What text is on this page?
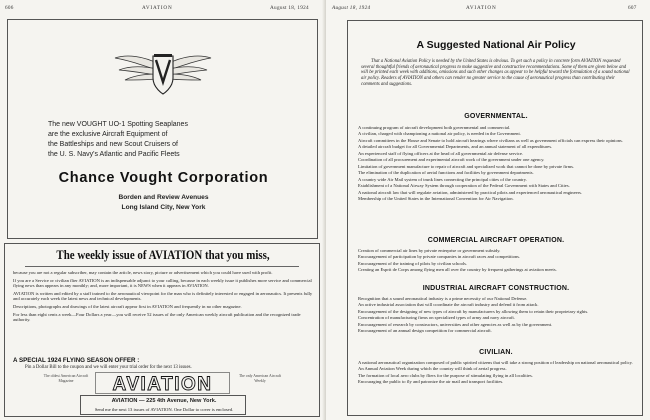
606	AVIATION	August 18, 1924
The new VOUGHT UO-1 Spotting Seaplanes
are the exclusive Aircraft Equipment of
the Battleships and new Scout Cruisers of
the U. S. Navy's Atlantic and Pacific Fleets
Chance Vought Corporation
Borden and Review Avenues
Long Island City, New York
The weekly issue of AVIATION that you miss,

because you are not a regular subscriber, may contain the article, news story, picture or advertisement which you could have used with profit.

If you are a Service or civilian flier AVIATION is an indispensable adjunct to your calling, because in each weekly issue it publishes more service and commercial flying news than appears in any monthly; and, more important, it is NEWS when it appears in AVIATION.

AVIATION is written and edited by a staff trained to the aeronautical viewpoint for the man who is definitely interested or engaged in aeronautics. It presents fully and accurately each week the latest news and technical developments.

Descriptions, photographs and drawings of the latest aircraft appear first in AVIATION and frequently in no other magazine.

For less than eight cents a week—Four Dollars a year—you will receive 52 issues of the only American weekly aircraft publication and the recognized trade authority.

A SPECIAL 1924 FLYING SEASON OFFER :
Pin a Dollar Bill to the coupon and we will enter your trial order for the next 13 issues.
The oldest American Aircraft Magazine	AVIATION	The only American Aircraft Weekly
AVIATION — 225 4th Avenue, New York.
Send me the next 13 issues of AVIATION. One Dollar to cover is enclosed.
August 18, 1924	AVIATION	607
A Suggested National Air Policy
That a National Aviation Policy is needed by the United States is obvious. To get such a policy in concrete form AVIATION requested several thoughtful friends of aeronautical progress to make suggestive and constructive recommendations. Some of them are given below and will be printed each week with additions, omissions and such other changes as appear to be helpful toward the formulation of a sound national air policy. Readers of AVIATION and others can render no greater service to the cause of aeronautical progress than contributing their comments and suggestions.
GOVERNMENTAL.
A continuing program of aircraft development both governmental and commercial.
A civilian, charged with championing a national air policy, is needed in the Government.
Aircraft committees in the House and Senate to hold aircraft hearings where civilians as well as government officials can express their opinions.
A detailed aircraft budget for all Governmental Departments, and an annual statement of all expenditures.
An experienced staff of flying officers at the head of all governmental air defense service.
Coordination of all procurement and experimental aircraft work of the government under one agency.
Limitation of government manufacture to repair of aircraft and specialized work that cannot be done by private firms.
The elimination of the duplication of aerial functions and facilities by government departments.
A country wide Air Mail system of trunk lines connecting the principal cities of the country.
Establishment of a National Airway System through cooperation of the Federal Government with States and Cities.
A national aircraft law that will regulate aviation, administered by practical pilots and experienced aeronautical engineers.
Membership of the United States in the International Convention for Air Navigation.
COMMERCIAL AIRCRAFT OPERATION.
Creation of commercial air lines by private enterprise or government subsidy.
Encouragement of participation by private companies in aircraft races and competitions.
Encouragement of the training of pilots by civilian schools.
Creating an Esprit de Corps among flying men all over the country by frequent gatherings at aviation meets.
INDUSTRIAL AIRCRAFT CONSTRUCTION.
Recognition that a sound aeronautical industry is a prime necessity of our National Defense.
An active industrial association that will coordinate the aircraft industry and defend it from attack.
Encouragement of the designing of new types of aircraft by manufacturers by allowing them to retain their proprietary rights.
Concentration of manufacturing firms on specialized types of army and navy aircraft.
Encouragement of research by constructors, universities and other agencies as well as by the government.
Encouragement of an annual design competition for commercial aircraft.
CIVILIAN.
A national aeronautical organization composed of public spirited citizens that will take a strong position of leadership on national aeronautical policy.
An Annual Aviation Week during which the country will think of aerial progress.
The formation of local aero clubs by fliers for the purpose of stimulating flying in all localities.
Encouraging the public to fly and patronize the air mail and transport facilities.
